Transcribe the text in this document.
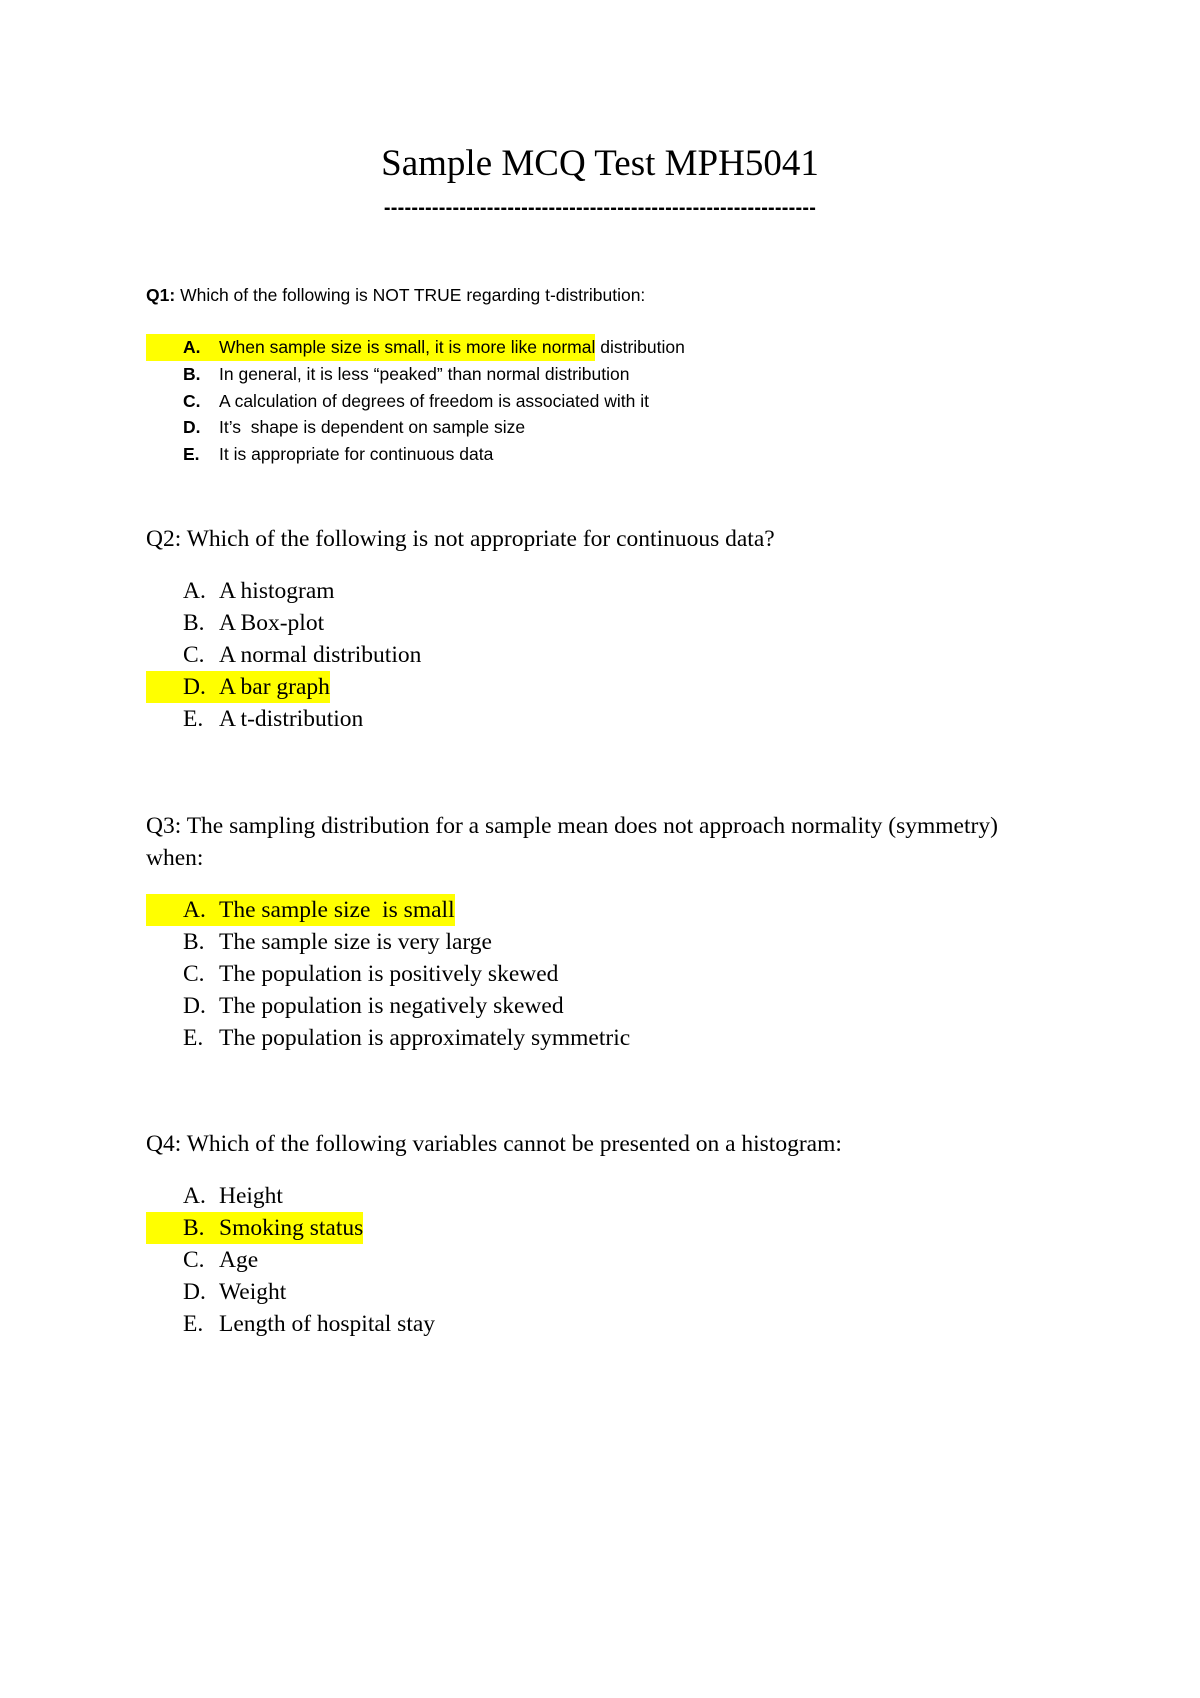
Sample MCQ Test MPH5041
---------------------------------------------------------------

Q1: Which of the following is NOT TRUE regarding t-distribution:

A.	When sample size is small, it is more like normal distribution
B.	In general, it is less “peaked” than normal distribution
C.	A calculation of degrees of freedom is associated with it
D.	It’s  shape is dependent on sample size
E.	It is appropriate for continuous data

Q2: Which of the following is not appropriate for continuous data?

A. A histogram
B. A Box-plot
C. A normal distribution
D. A bar graph
E. A t-distribution

Q3: The sampling distribution for a sample mean does not approach normality (symmetry) when:

A. The sample size  is small
B. The sample size is very large
C. The population is positively skewed
D. The population is negatively skewed
E. The population is approximately symmetric

Q4: Which of the following variables cannot be presented on a histogram:

A. Height
B. Smoking status
C. Age
D. Weight
E. Length of hospital stay
